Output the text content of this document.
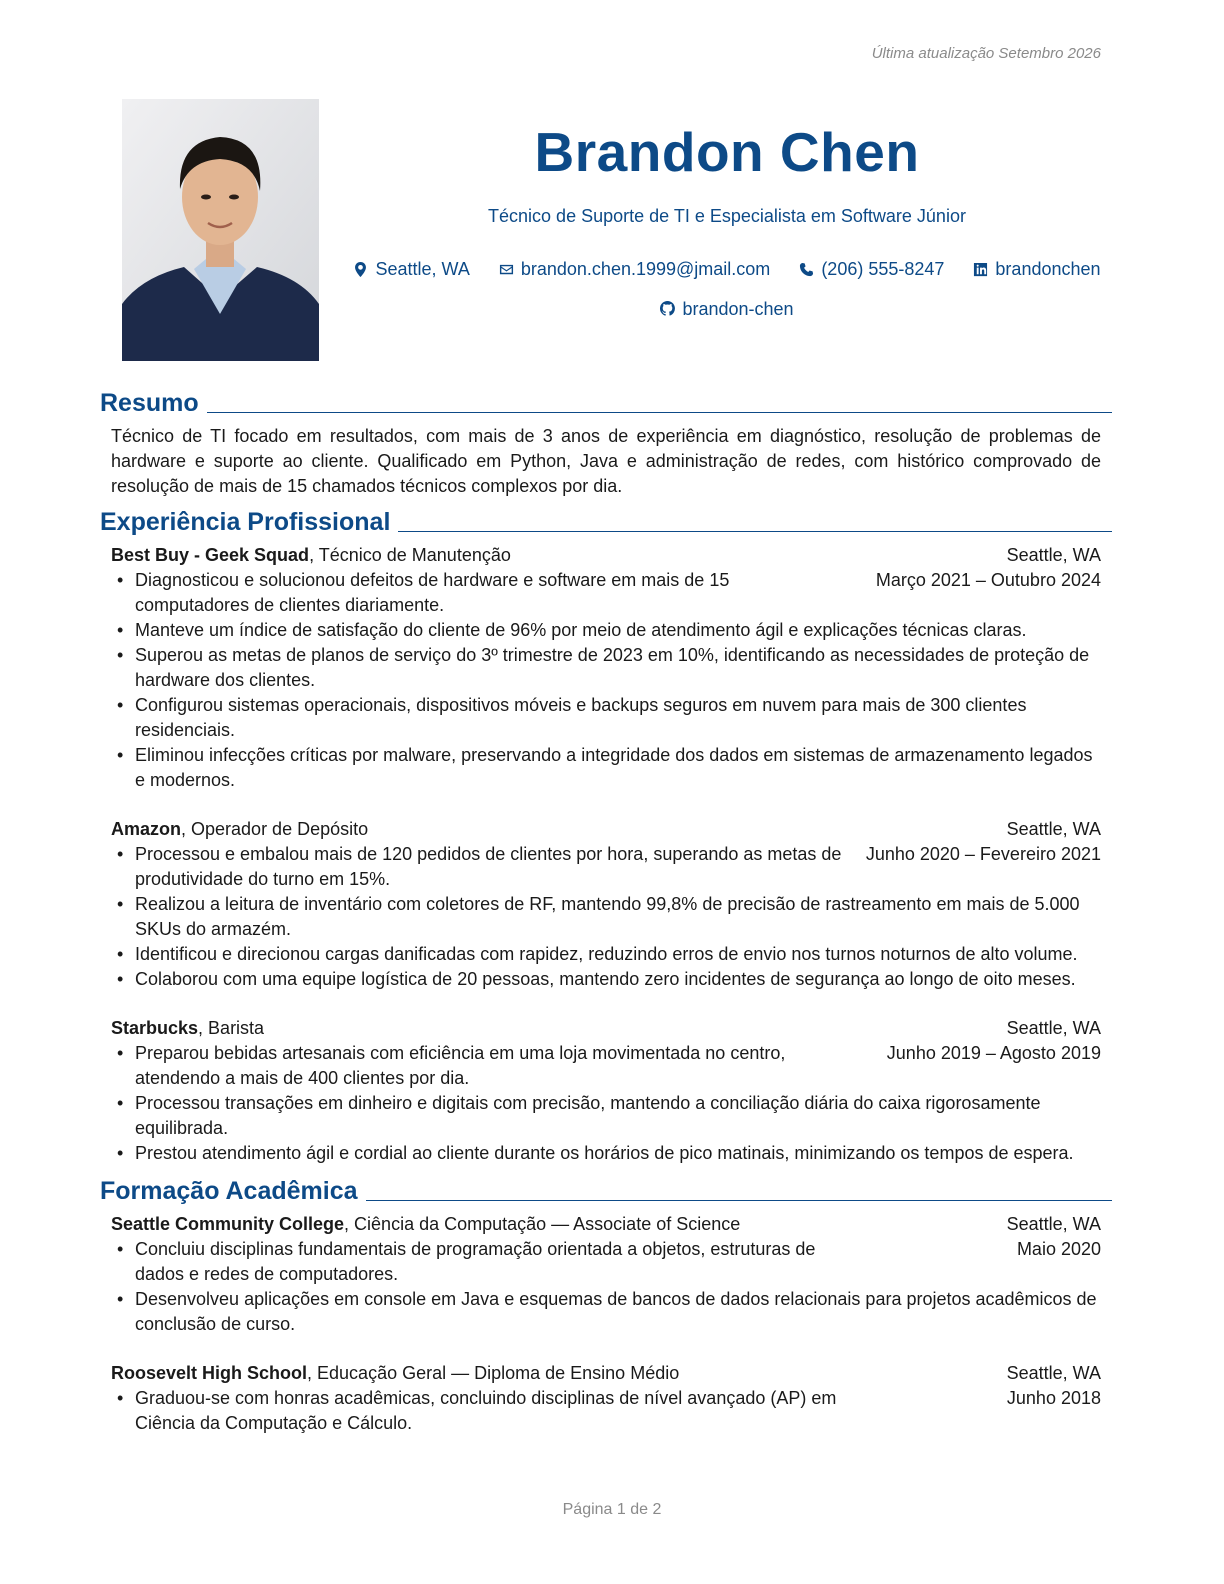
Última atualização Setembro 2026
Brandon Chen
Técnico de Suporte de TI e Especialista em Software Júnior
Seattle, WA
	brandon.chen.1999@jmail.com
	(206) 555-8247
	brandonchen

brandon-chen
Resumo

Técnico de TI focado em resultados, com mais de 3 anos de experiência em diagnóstico, resolução de problemas de hardware e suporte ao cliente. Qualificado em Python, Java e administração de redes, com histórico comprovado de resolução de mais de 15 chamados técnicos complexos por dia.

Experiência Profissional
Best Buy - Geek Squad, Técnico de Manutenção	Seattle, WA
• Diagnosticou e solucionou defeitos de hardware e software em mais de 15 computadores de clientes diariamente.
Março 2021 – Outubro 2024
• Manteve um índice de satisfação do cliente de 96% por meio de atendimento ágil e explicações técnicas claras.
• Superou as metas de planos de serviço do 3º trimestre de 2023 em 10%, identificando as necessidades de proteção de hardware dos clientes.
• Configurou sistemas operacionais, dispositivos móveis e backups seguros em nuvem para mais de 300 clientes residenciais.
• Eliminou infecções críticas por malware, preservando a integridade dos dados em sistemas de armazenamento legados e modernos.
Amazon, Operador de Depósito	Seattle, WA
• Processou e embalou mais de 120 pedidos de clientes por hora, superando as metas de produtividade do turno em 15%.
Junho 2020 – Fevereiro 2021
• Realizou a leitura de inventário com coletores de RF, mantendo 99,8% de precisão de rastreamento em mais de 5.000 SKUs do armazém.
• Identificou e direcionou cargas danificadas com rapidez, reduzindo erros de envio nos turnos noturnos de alto volume.
• Colaborou com uma equipe logística de 20 pessoas, mantendo zero incidentes de segurança ao longo de oito meses.
Starbucks, Barista	Seattle, WA
• Preparou bebidas artesanais com eficiência em uma loja movimentada no centro, atendendo a mais de 400 clientes por dia.
Junho 2019 – Agosto 2019
• Processou transações em dinheiro e digitais com precisão, mantendo a conciliação diária do caixa rigorosamente equilibrada.
• Prestou atendimento ágil e cordial ao cliente durante os horários de pico matinais, minimizando os tempos de espera.
Formação Acadêmica
Seattle Community College, Ciência da Computação — Associate of Science	Seattle, WA
• Concluiu disciplinas fundamentais de programação orientada a objetos, estruturas de dados e redes de computadores.
Maio 2020
• Desenvolveu aplicações em console em Java e esquemas de bancos de dados relacionais para projetos acadêmicos de conclusão de curso.
Roosevelt High School, Educação Geral — Diploma de Ensino Médio	Seattle, WA
• Graduou-se com honras acadêmicas, concluindo disciplinas de nível avançado (AP) em Ciência da Computação e Cálculo.
Junho 2018
Página 1 de 2
